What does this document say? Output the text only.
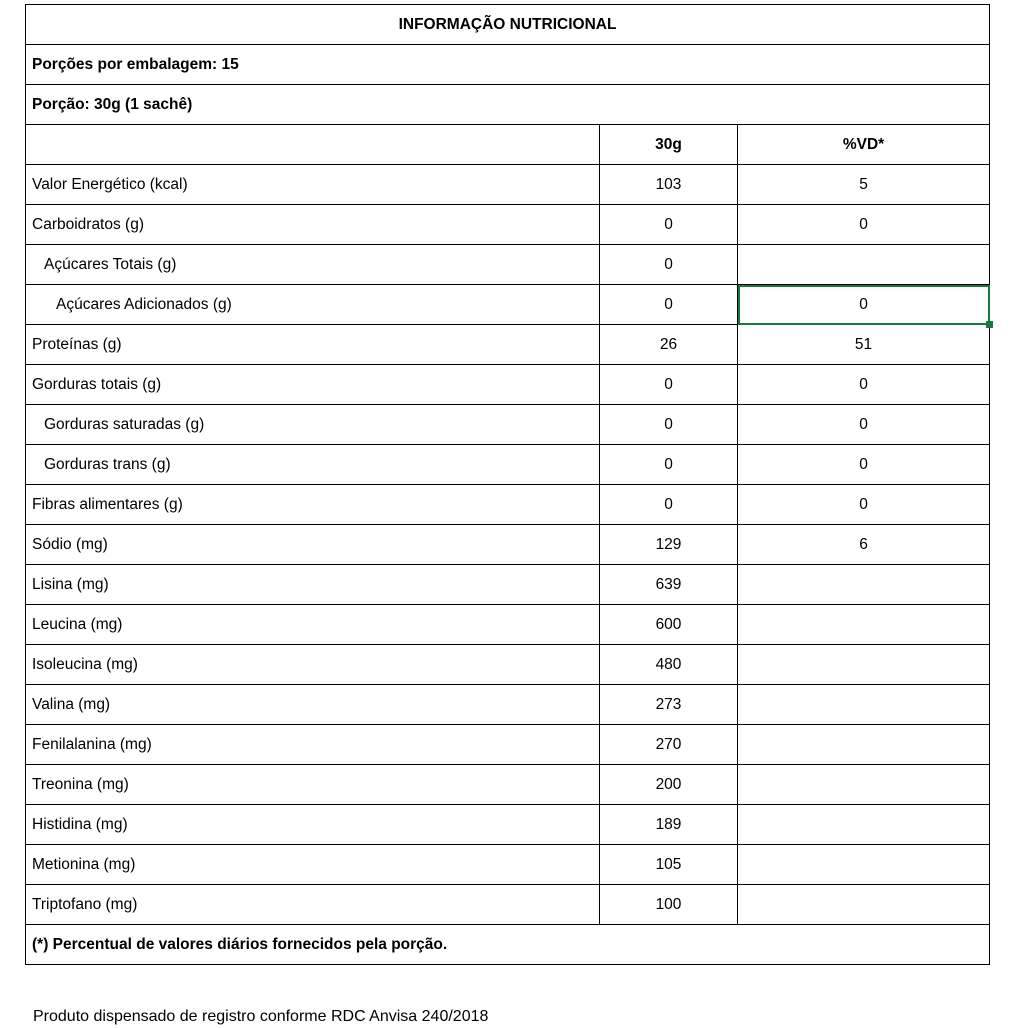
INFORMAÇÃO NUTRICIONAL		
Porções por embalagem: 15		
Porção: 30g (1 sachê)		
	30g	%VD*
Valor Energético (kcal)	103	5
Carboidratos (g)	0	0
Açúcares Totais (g)	0	
Açúcares Adicionados (g)	0	0

Proteínas (g)	26	51
Gorduras totais (g)	0	0
Gorduras saturadas (g)	0	0
Gorduras trans (g)	0	0
Fibras alimentares (g)	0	0
Sódio (mg)	129	6
Lisina (mg)	639	
Leucina (mg)	600	
Isoleucina (mg)	480	
Valina (mg)	273	
Fenilalanina (mg)	270	
Treonina (mg)	200	
Histidina (mg)	189	
Metionina (mg)	105	
Triptofano (mg)	100	
(*) Percentual de valores diários fornecidos pela porção.		
Produto dispensado de registro conforme RDC Anvisa 240/2018
